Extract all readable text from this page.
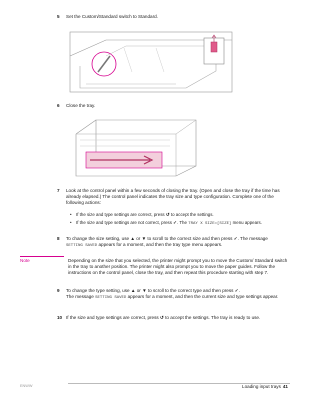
5 Set the Custom/Standard switch to Standard.
6 Close the tray.
7 Look at the control panel within a few seconds of closing the tray. (Open and close the tray if the time has already elapsed.) The control panel indicates the tray size and type configuration. Complete one of the following actions:
• If the size and type settings are correct, press ↺ to accept the settings.
• If the size and type settings are not correct, press ✓. The TRAY X SIZE=[SIZE] menu appears.
8 To change the size setting, use ▲ or ▼ to scroll to the correct size and then press ✓. The message SETTING SAVED appears for a moment, and then the tray type menu appears.
Note	Depending on the size that you selected, the printer might prompt you to move the Custom/ Standard switch in the tray to another position. The printer might also prompt you to move the paper guides. Follow the instructions on the control panel, close the tray, and then repeat this procedure starting with step 7.
9 To change the type setting, use ▲ or ▼ to scroll to the correct type and then press ✓.
The message SETTING SAVED appears for a moment, and then the current size and type settings appear.
10 If the size and type settings are correct, press ↺ to accept the settings. The tray is ready to use.
ENWW	Loading input trays 41
